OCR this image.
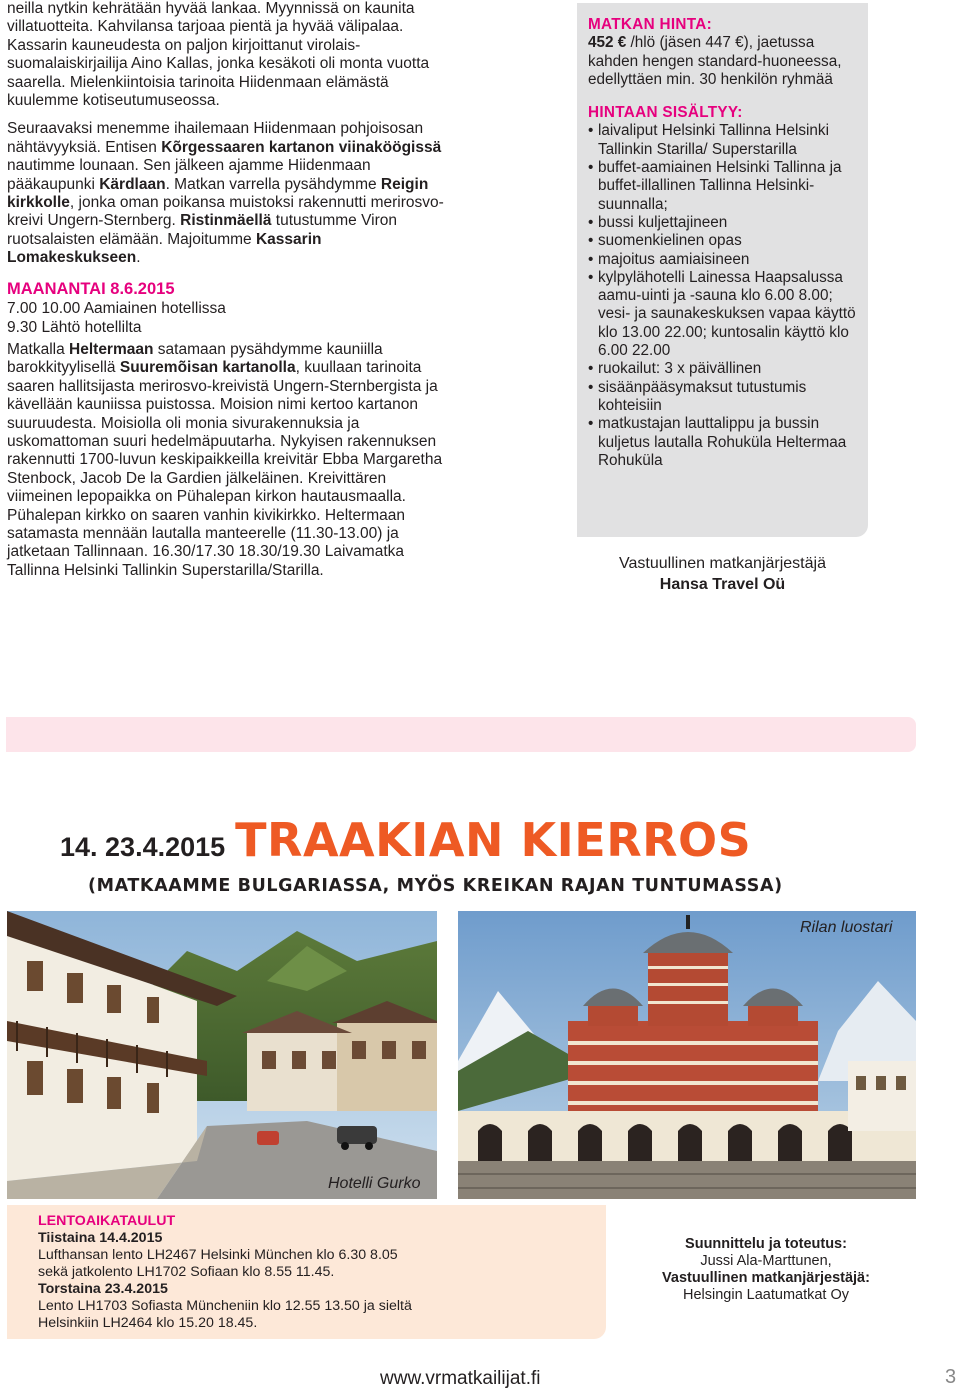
neilla nytkin kehrätään hyvää lankaa. Myynnissä on kaunita villatuotteita. Kahvilansa tarjoaa pientä ja hyvää välipalaa. Kassarin kauneudesta on paljon kirjoittanut virolais-suomalaiskirjailija Aino Kallas, jonka kesäkoti oli monta vuotta saarella. Mielenkiintoisia tarinoita Hiidenmaan elämästä kuulemme kotiseutumuseossa.

Seuraavaksi menemme ihailemaan Hiidenmaan pohjoisosan nähtävyyksiä. Entisen Kõrgessaaren kartanon viinaköögissä nautimme lounaan. Sen jälkeen ajamme Hiidenmaan pääkaupunki Kärdlaan. Matkan varrella pysähdymme Reigin kirkkolle, jonka oman poikansa muistoksi rakennutti merirosvo-kreivi Ungern-Sternberg. Ristinmäellä tutustumme Viron ruotsalaisten elämään. Majoitumme Kassarin Lomakeskukseen.

MAANANTAI 8.6.2015

7.00 10.00 Aamiainen hotellissa

9.30 Lähtö hotellilta

Matkalla Heltermaan satamaan pysähdymme kauniilla barokkityylisellä Suuremõisan kartanolla, kuullaan tarinoita saaren hallitsijasta merirosvo-kreivistä Ungern-Sternbergista ja kävellään kauniissa puistossa. Moision nimi kertoo kartanon suuruudesta. Moisiolla oli monia sivurakennuksia ja uskomattoman suuri hedelmäpuutarha. Nykyisen rakennuksen rakennutti 1700-luvun keskipaikkeilla kreivitär Ebba Margaretha Stenbock, Jacob De la Gardien jälkeläinen. Kreivittären viimeinen lepopaikka on Pühalepan kirkon hautausmaalla. Pühalepan kirkko on saaren vanhin kivikirkko. Heltermaan satamasta mennään lautalla manteerelle (11.30-13.00) ja jatketaan Tallinnaan. 16.30/17.30 18.30/19.30 Laivamatka Tallinna Helsinki Tallinkin Superstarilla/Starilla.

MATKAN HINTA:

452 € /hlö (jäsen 447 €), jaetussa kahden hengen standard-huoneessa, edellyttäen min. 30 henkilön ryhmää

HINTAAN SISÄLTYY:
• laivaliput Helsinki Tallinna Helsinki Tallinkin Starilla/ Superstarilla
• buffet-aamiainen Helsinki Tallinna ja buffet-illallinen Tallinna Helsinki-suunnalla;
• bussi kuljettajineen
• suomenkielinen opas
• majoitus aamiaisineen
• kylpylähotelli Lainessa Haapsalussa aamu-uinti ja -sauna klo 6.00 8.00; vesi- ja saunakeskuksen vapaa käyttö klo 13.00 22.00; kuntosalin käyttö klo 6.00 22.00
• ruokailut: 3 x päivällinen
• sisäänpääsymaksut tutustumis kohteisiin
• matkustajan lauttalippu ja bussin kuljetus lautalla Rohuküla Heltermaa Rohuküla
Vastuullinen matkanjärjestäjä
Hansa Travel Oü
14. 23.4.2015 TRAAKIAN KIERROS
(MATKAAMME BULGARIASSA, MYÖS KREIKAN RAJAN TUNTUMASSA)
Hotelli Gurko
Rilan luostari
LENTOAIKATAULUT

Tiistaina 14.4.2015

Lufthansan lento LH2467 Helsinki München klo 6.30 8.05

sekä jatkolento LH1702 Sofiaan klo 8.55 11.45.

Torstaina 23.4.2015

Lento LH1703 Sofiasta Müncheniin klo 12.55 13.50 ja sieltä

Helsinkiin LH2464 klo 15.20 18.45.

Suunnittelu ja toteutus:

Jussi Ala-Marttunen,

Vastuullinen matkanjärjestäjä:

Helsingin Laatumatkat Oy

www.vrmatkailijat.fi	3
